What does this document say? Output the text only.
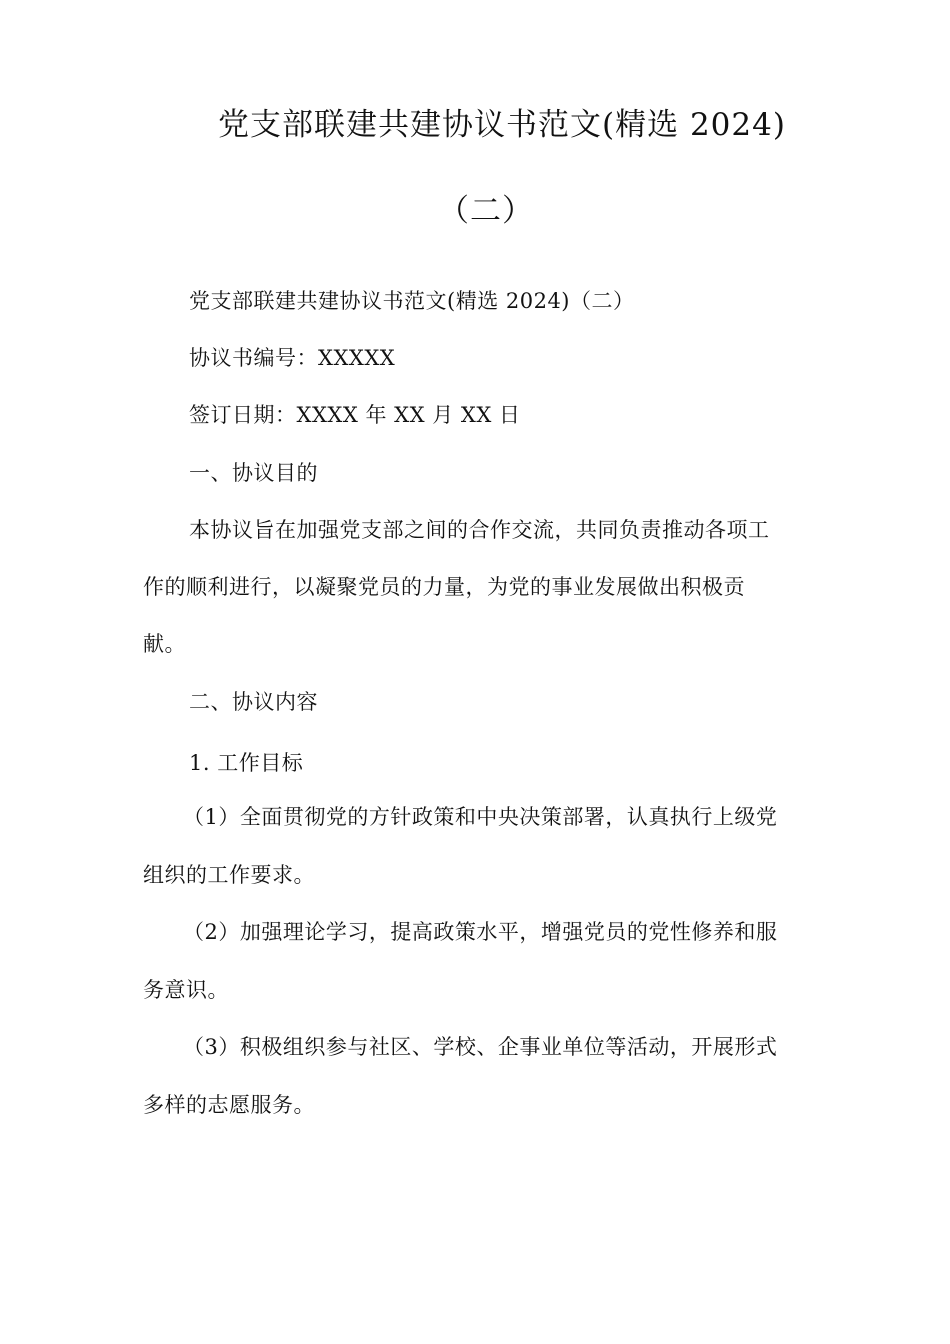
党支部联建共建协议书范文(精选 2024)
（二）
党支部联建共建协议书范文(精选 2024)（二）
协议书编号：XXXXX
签订日期：XXXX 年 XX 月 XX 日
一、协议目的
本协议旨在加强党支部之间的合作交流，共同负责推动各项工
作的顺利进行，以凝聚党员的力量，为党的事业发展做出积极贡
献。
二、协议内容
1. 工作目标
（1）全面贯彻党的方针政策和中央决策部署，认真执行上级党
组织的工作要求。
（2）加强理论学习，提高政策水平，增强党员的党性修养和服
务意识。
（3）积极组织参与社区、学校、企事业单位等活动，开展形式
多样的志愿服务。
